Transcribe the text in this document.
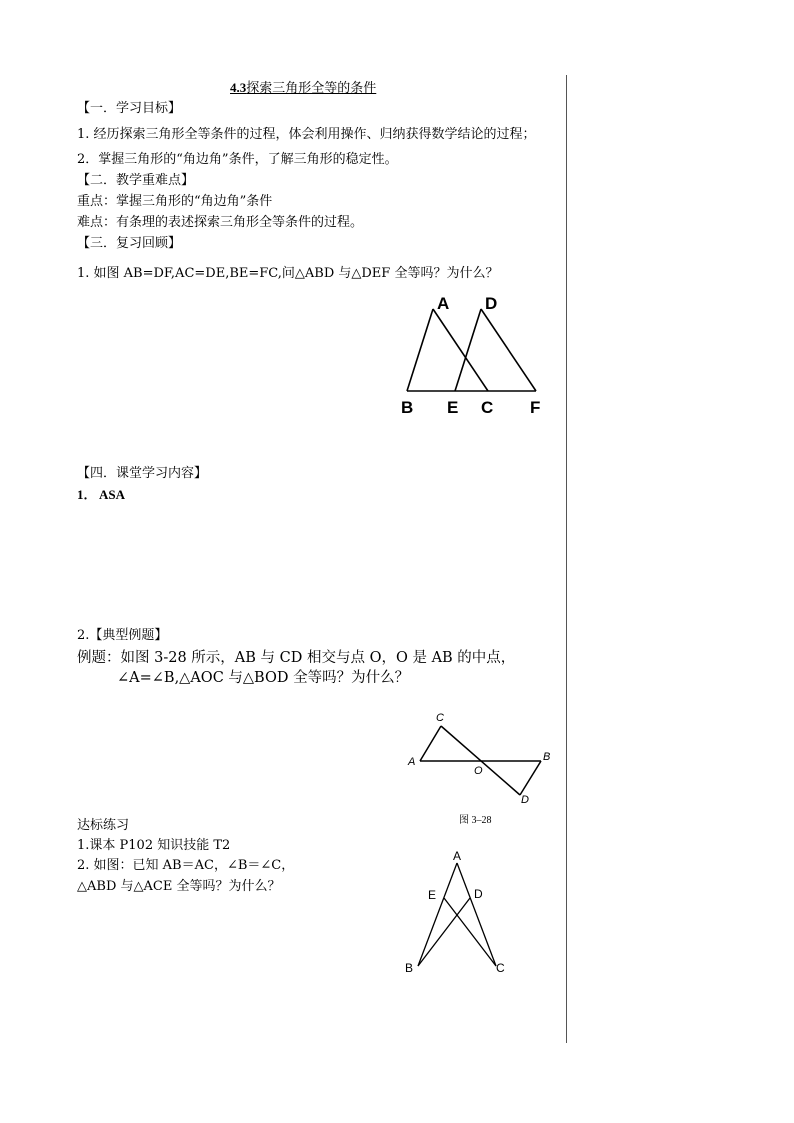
4.3探索三角形全等的条件
【一．学习目标】
1. 经历探索三角形全等条件的过程，体会利用操作、归纳获得数学结论的过程；
2．掌握三角形的“角边角”条件，了解三角形的稳定性。
【二．教学重难点】
重点：掌握三角形的“角边角”条件
难点：有条理的表述探索三角形全等条件的过程。
【三．复习回顾】
1. 如图 AB=DF,AC=DE,BE=FC,问△ABD 与△DEF 全等吗？为什么？
A D
B E C F
【四．课堂学习内容】
1． ASA
2.【典型例题】
例题：如图 3-28 所示，AB 与 CD 相交与点 O，O 是 AB 的中点，
∠A=∠B,△AOC 与△BOD 全等吗？为什么？
C
A
O
B
D
图 3–28
达标练习
1.课本 P102 知识技能 T2
2. 如图：已知 AB＝AC，∠B＝∠C，
△ABD 与△ACE 全等吗？为什么？
A
E	D
B	C
